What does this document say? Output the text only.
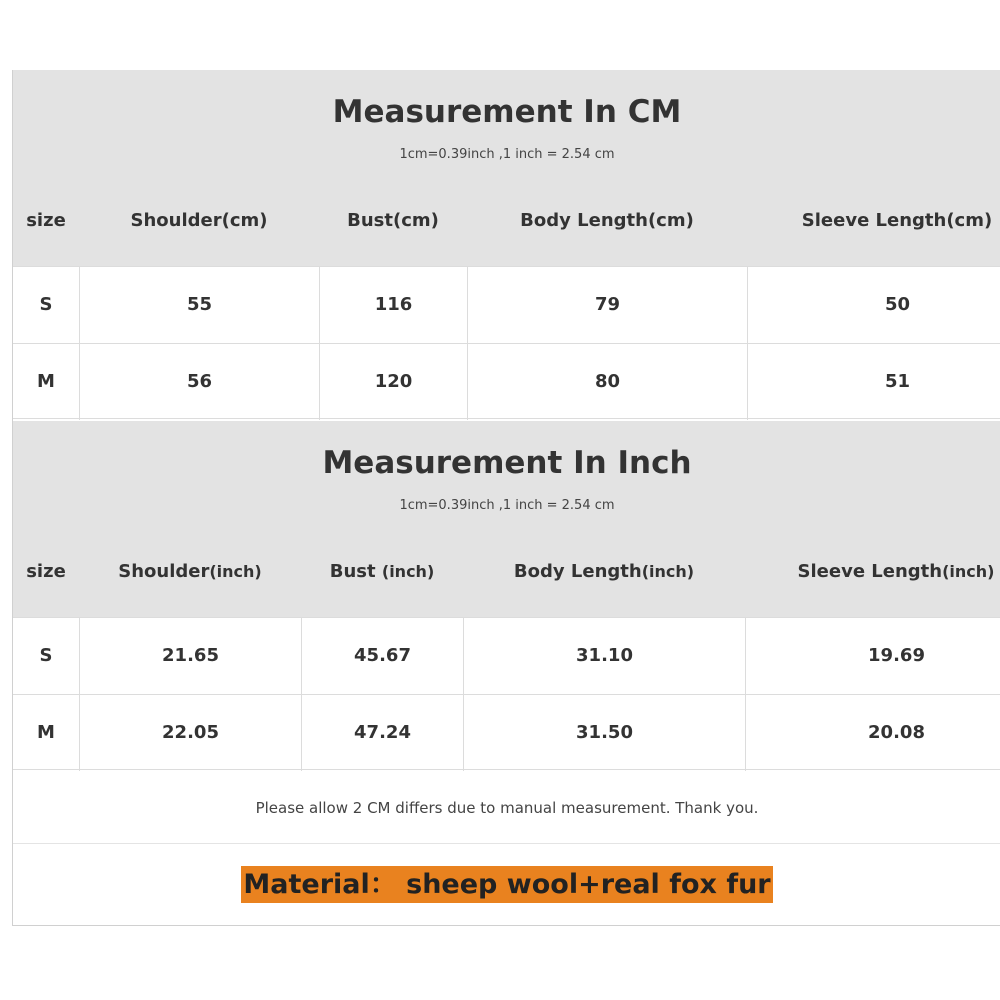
Measurement In CM
1cm=0.39inch ,1 inch = 2.54 cm
size	Shoulder(cm)	Bust(cm)	Body Length(cm)	Sleeve Length(cm)
S	55	116	79	50
M	56	120	80	51
Measurement In Inch
1cm=0.39inch ,1 inch = 2.54 cm
size	Shoulder(inch)	Bust (inch)	Body Length(inch)	Sleeve Length(inch)
S	21.65	45.67	31.10	19.69
M	22.05	47.24	31.50	20.08
Please allow 2 CM differs due to manual measurement. Thank you.
Material： sheep wool+real fox fur
